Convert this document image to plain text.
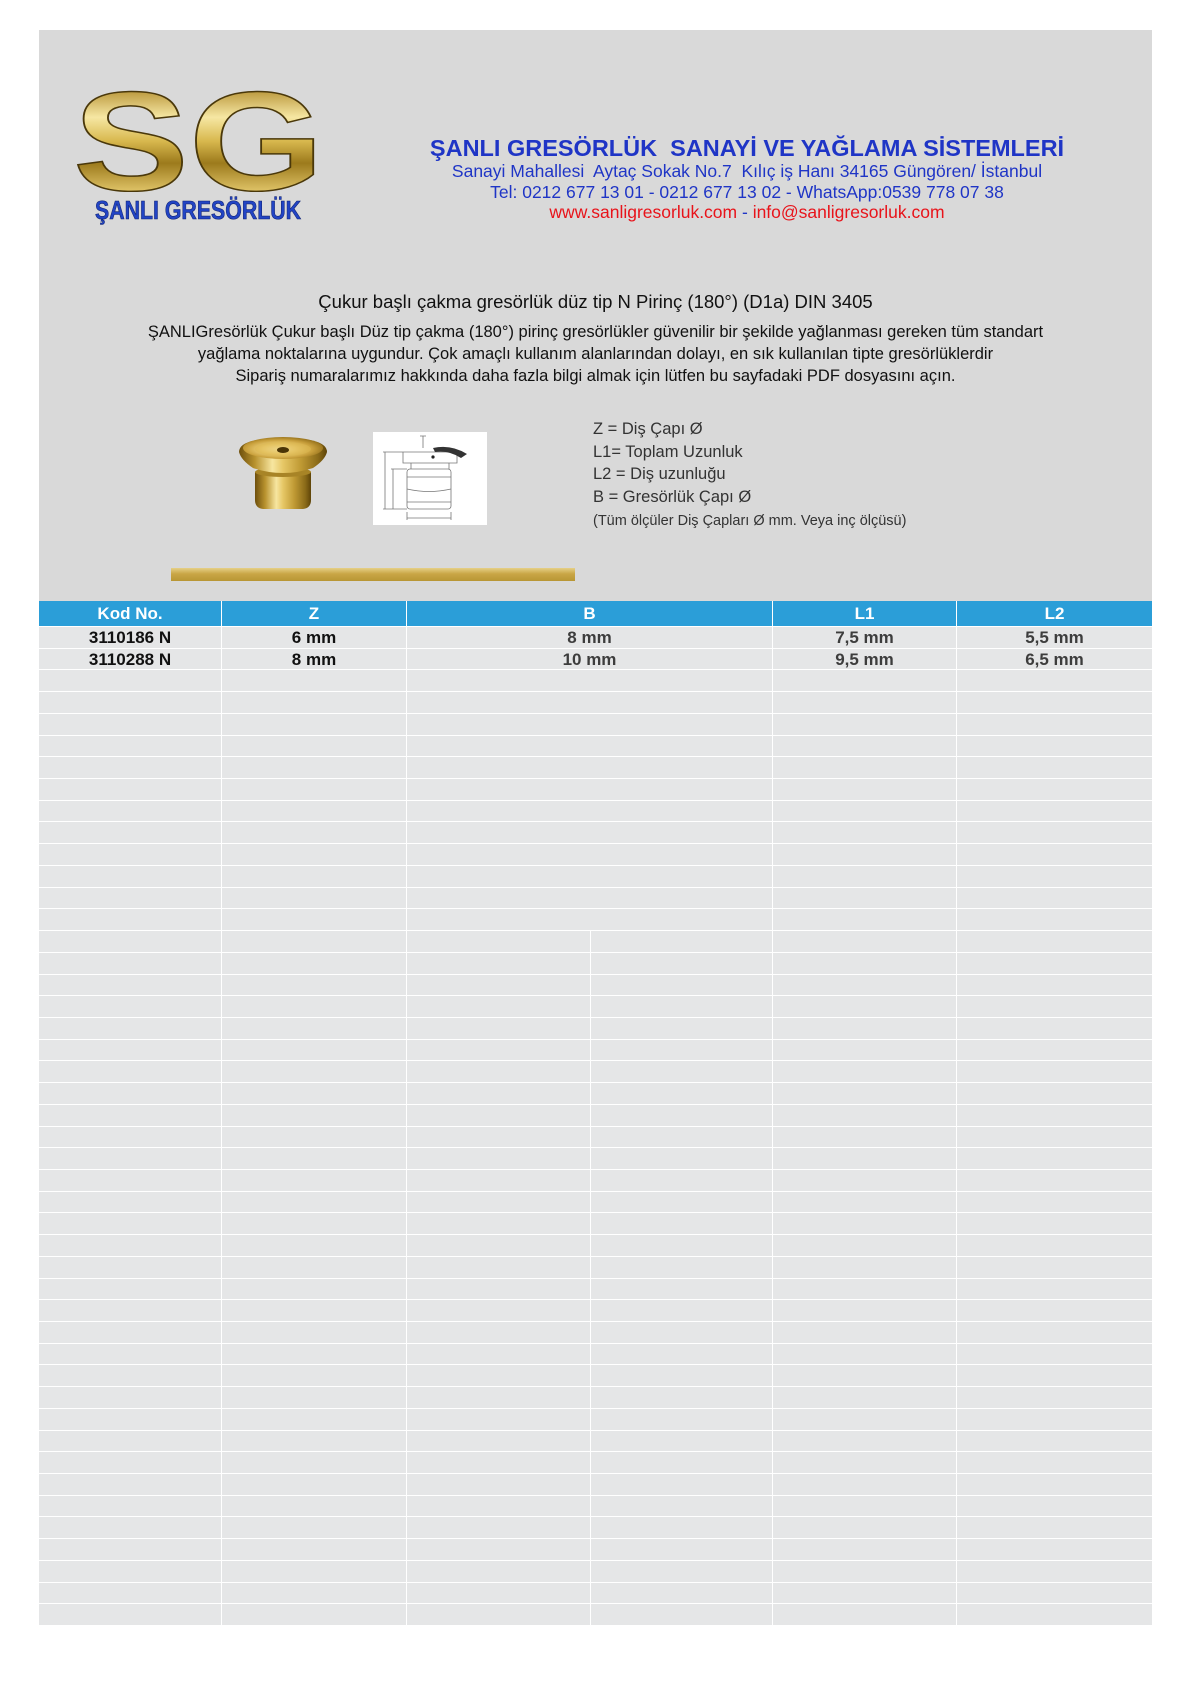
SG
ŞANLI GRESÖRLÜK
ŞANLI GRESÖRLÜK  SANAYİ VE YAĞLAMA SİSTEMLERİ
Sanayi Mahallesi  Aytaç Sokak No.7  Kılıç iş Hanı 34165 Güngören/ İstanbul
Tel: 0212 677 13 01 - 0212 677 13 02 - WhatsApp:0539 778 07 38
www.sanligresorluk.com - info@sanligresorluk.com
Çukur başlı çakma gresörlük düz tip N Pirinç (180°) (D1a) DIN 3405
ŞANLIGresörlük Çukur başlı Düz tip çakma (180°) pirinç gresörlükler güvenilir bir şekilde yağlanması gereken tüm standart
yağlama noktalarına uygundur. Çok amaçlı kullanım alanlarından dolayı, en sık kullanılan tipte gresörlüklerdir
Sipariş numaralarımız hakkında daha fazla bilgi almak için lütfen bu sayfadaki PDF dosyasını açın.
Z = Diş Çapı Ø
L1= Toplam Uzunluk
L2 = Diş uzunluğu
B = Gresörlük Çapı Ø
(Tüm ölçüler Diş Çapları Ø mm. Veya inç ölçüsü)
Kod No.	Z	B	L1	L2
3110186 N	6 mm	8 mm	7,5 mm	5,5 mm
3110288 N	8 mm	10 mm	9,5 mm	6,5 mm
